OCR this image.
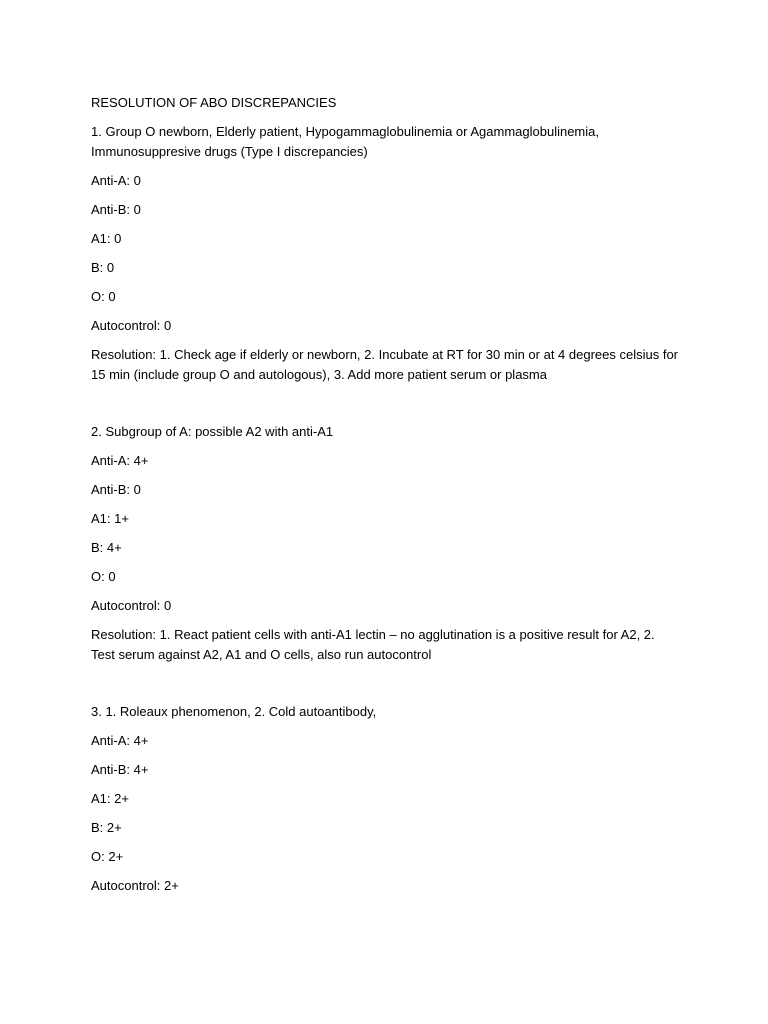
RESOLUTION OF ABO DISCREPANCIES

1. Group O newborn, Elderly patient, Hypogammaglobulinemia or Agammaglobulinemia, Immunosuppresive drugs (Type I discrepancies)

Anti-A: 0

Anti-B: 0

A1: 0

B: 0

O: 0

Autocontrol: 0

Resolution: 1. Check age if elderly or newborn, 2. Incubate at RT for 30 min or at 4 degrees celsius for 15 min (include group O and autologous), 3. Add more patient serum or plasma

2. Subgroup of A: possible A2 with anti-A1

Anti-A: 4+

Anti-B: 0

A1: 1+

B: 4+

O: 0

Autocontrol: 0

Resolution: 1. React patient cells with anti-A1 lectin – no agglutination is a positive result for A2, 2. Test serum against A2, A1 and O cells, also run autocontrol

3. 1. Roleaux phenomenon, 2. Cold autoantibody,

Anti-A: 4+

Anti-B: 4+

A1: 2+

B: 2+

O: 2+

Autocontrol: 2+
